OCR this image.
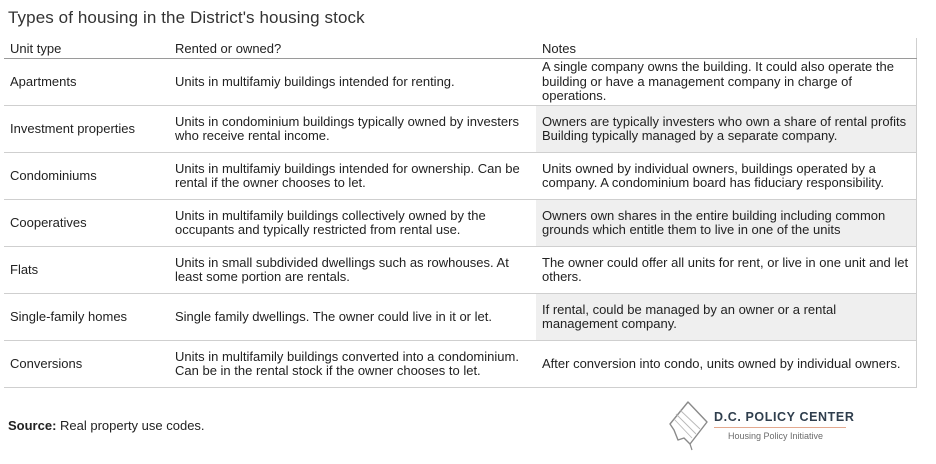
Types of housing in the District's housing stock
Unit type	Rented or owned?	Notes
Apartments	Units in multifamiy buildings intended for renting.	A single company owns the building. It could also operate the building or have a management company in charge of operations.
Investment properties	Units in condominium buildings typically owned by investers who receive rental income.	Owners are typically investers who own a share of rental profits Building typically managed by a separate company.
Condominiums	Units in multifamiy buildings intended for ownership. Can be rental if the owner chooses to let.	Units owned by individual owners, buildings operated by a company. A condominium board has fiduciary responsibility.
Cooperatives	Units in multifamily buildings collectively owned by the occupants and typically restricted from rental use.	Owners own shares in the entire building including common grounds which entitle them to live in one of the units
Flats	Units in small subdivided dwellings such as rowhouses. At least some portion are rentals.	The owner could offer all units for rent, or live in one unit and let others.
Single-family homes	Single family dwellings. The owner could live in it or let.	If rental, could be managed by an owner or a rental management company.
Conversions	Units in multifamily buildings converted into a condominium. Can be in the rental stock if the owner chooses to let.	After conversion into condo, units owned by individual owners.
Source: Real property use codes.
D.C. POLICY CENTER
Housing Policy Initiative
